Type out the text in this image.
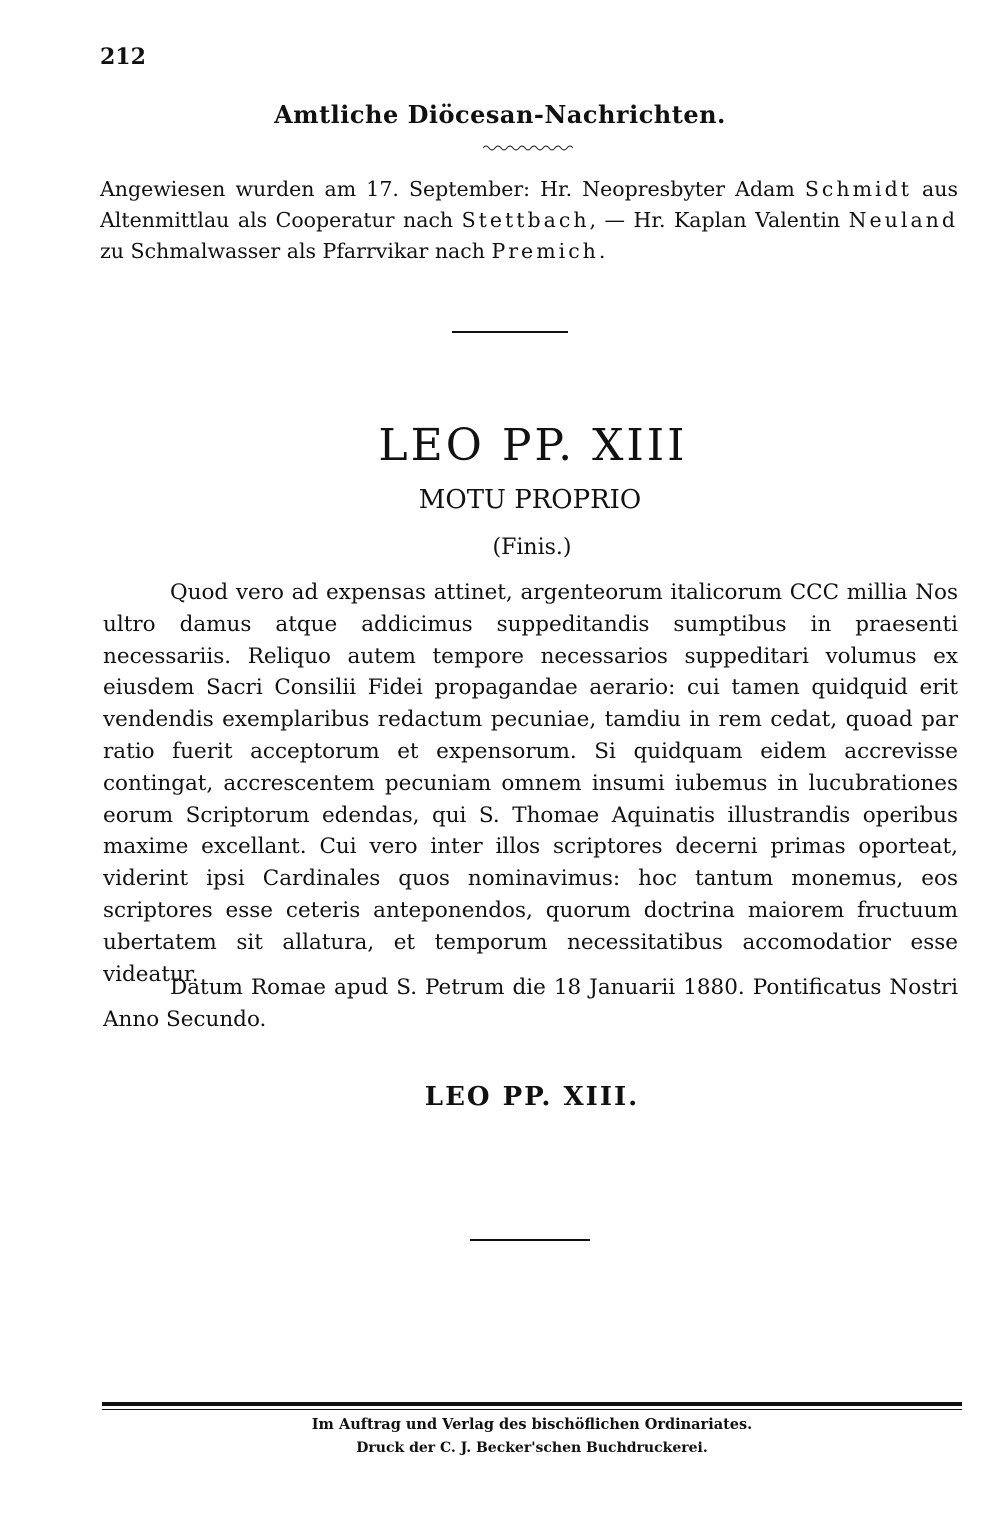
212
Amtliche Diöcesan-Nachrichten.
Angewiesen wurden am 17. September: Hr. Neopresbyter Adam Schmidt aus Altenmittlau als Cooperatur nach Stettbach, — Hr. Kaplan Valentin Neuland zu Schmalwasser als Pfarrvikar nach Premich.
LEO PP. XIII
MOTU PROPRIO
(Finis.)
Quod vero ad expensas attinet, argenteorum italicorum CCC millia Nos ultro damus atque addicimus suppeditandis sumptibus in praesenti necessariis. Reliquo autem tempore necessarios suppeditari volumus ex eiusdem Sacri Consilii Fidei propagandae aerario: cui tamen quidquid erit vendendis exemplaribus redactum pecuniae, tamdiu in rem cedat, quoad par ratio fuerit acceptorum et expensorum. Si quidquam eidem accrevisse contingat, accrescentem pecuniam omnem insumi iubemus in lucubrationes eorum Scriptorum edendas, qui S. Thomae Aquinatis illustrandis operibus maxime excellant. Cui vero inter illos scriptores decerni primas oporteat, viderint ipsi Cardinales quos nominavimus: hoc tantum monemus, eos scriptores esse ceteris anteponendos, quorum doctrina maiorem fructuum ubertatem sit allatura, et temporum necessitatibus accomodatior esse videatur.
Datum Romae apud S. Petrum die 18 Januarii 1880. Pontificatus Nostri Anno Secundo.
LEO PP. XIII.
Im Auftrag und Verlag des bischöflichen Ordinariates.
Druck der C. J. Becker'schen Buchdruckerei.
